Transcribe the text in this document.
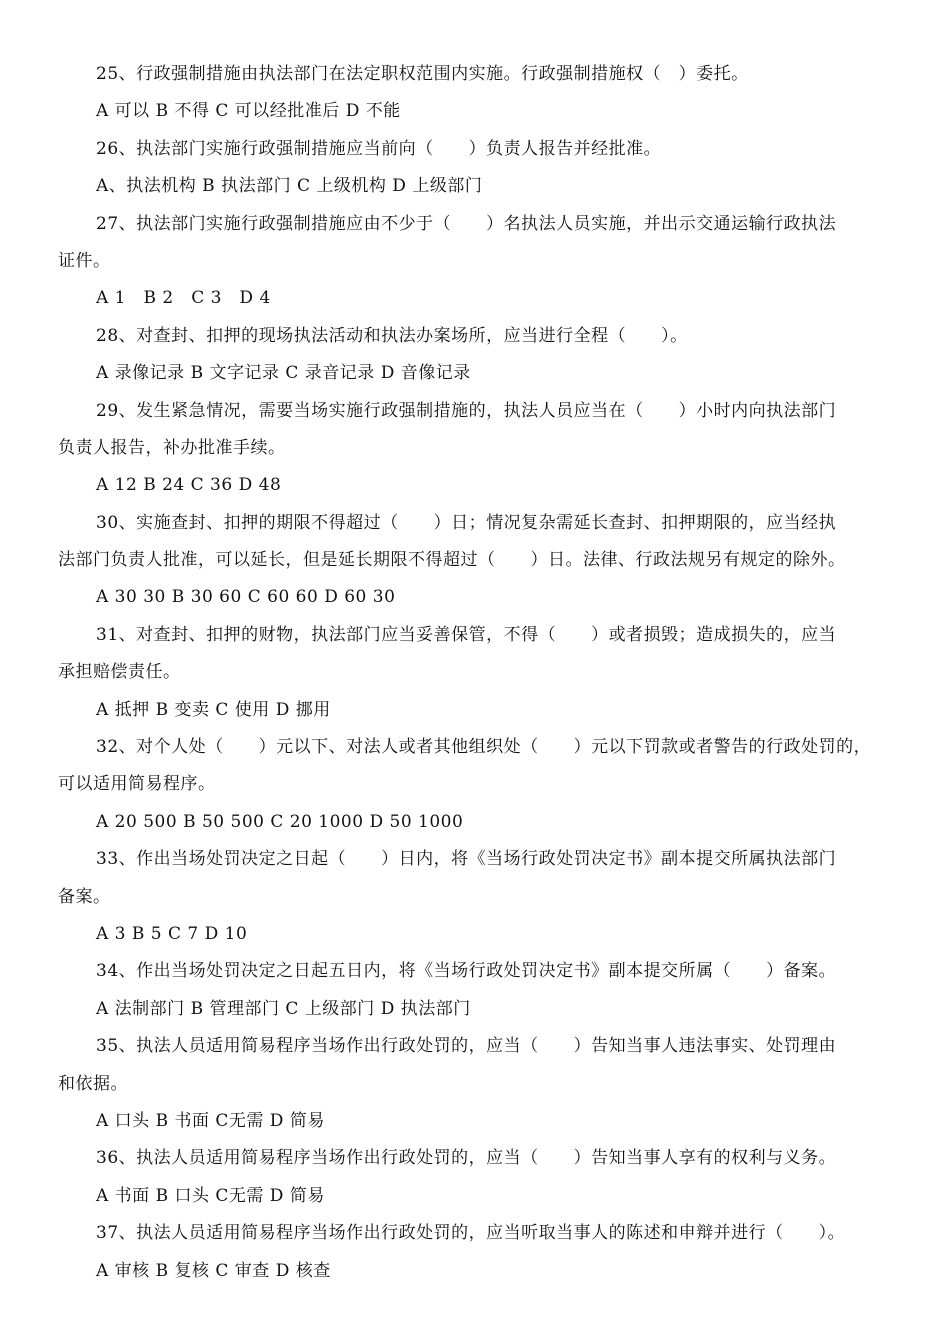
25、行政强制措施由执法部门在法定职权范围内实施。行政强制措施权（　）委托。
A 可以 B 不得 C 可以经批准后 D 不能
26、执法部门实施行政强制措施应当前向（　　）负责人报告并经批准。
A、执法机构 B 执法部门 C 上级机构 D 上级部门
27、执法部门实施行政强制措施应由不少于（　　）名执法人员实施，并出示交通运输行政执法
证件。
A 1　B 2　C 3　D 4
28、对查封、扣押的现场执法活动和执法办案场所，应当进行全程（　　）。
A 录像记录 B 文字记录 C 录音记录 D 音像记录
29、发生紧急情况，需要当场实施行政强制措施的，执法人员应当在（　　）小时内向执法部门
负责人报告，补办批准手续。
A 12 B 24 C 36 D 48
30、实施查封、扣押的期限不得超过（　　）日；情况复杂需延长查封、扣押期限的，应当经执
法部门负责人批准，可以延长，但是延长期限不得超过（　　）日。法律、行政法规另有规定的除外。
A 30 30 B 30 60 C 60 60 D 60 30
31、对查封、扣押的财物，执法部门应当妥善保管，不得（　　）或者损毁；造成损失的，应当
承担赔偿责任。
A 抵押 B 变卖 C 使用 D 挪用
32、对个人处（　　）元以下、对法人或者其他组织处（　　）元以下罚款或者警告的行政处罚的，
可以适用简易程序。
A 20 500 B 50 500 C 20 1000 D 50 1000
33、作出当场处罚决定之日起（　　）日内，将《当场行政处罚决定书》副本提交所属执法部门
备案。
A 3 B 5 C 7 D 10
34、作出当场处罚决定之日起五日内，将《当场行政处罚决定书》副本提交所属（　　）备案。
A 法制部门 B 管理部门 C 上级部门 D 执法部门
35、执法人员适用简易程序当场作出行政处罚的，应当（　　）告知当事人违法事实、处罚理由
和依据。
A 口头 B 书面 C无需 D 简易
36、执法人员适用简易程序当场作出行政处罚的，应当（　　）告知当事人享有的权利与义务。
A 书面 B 口头 C无需 D 简易
37、执法人员适用简易程序当场作出行政处罚的，应当听取当事人的陈述和申辩并进行（　　）。
A 审核 B 复核 C 审查 D 核查
